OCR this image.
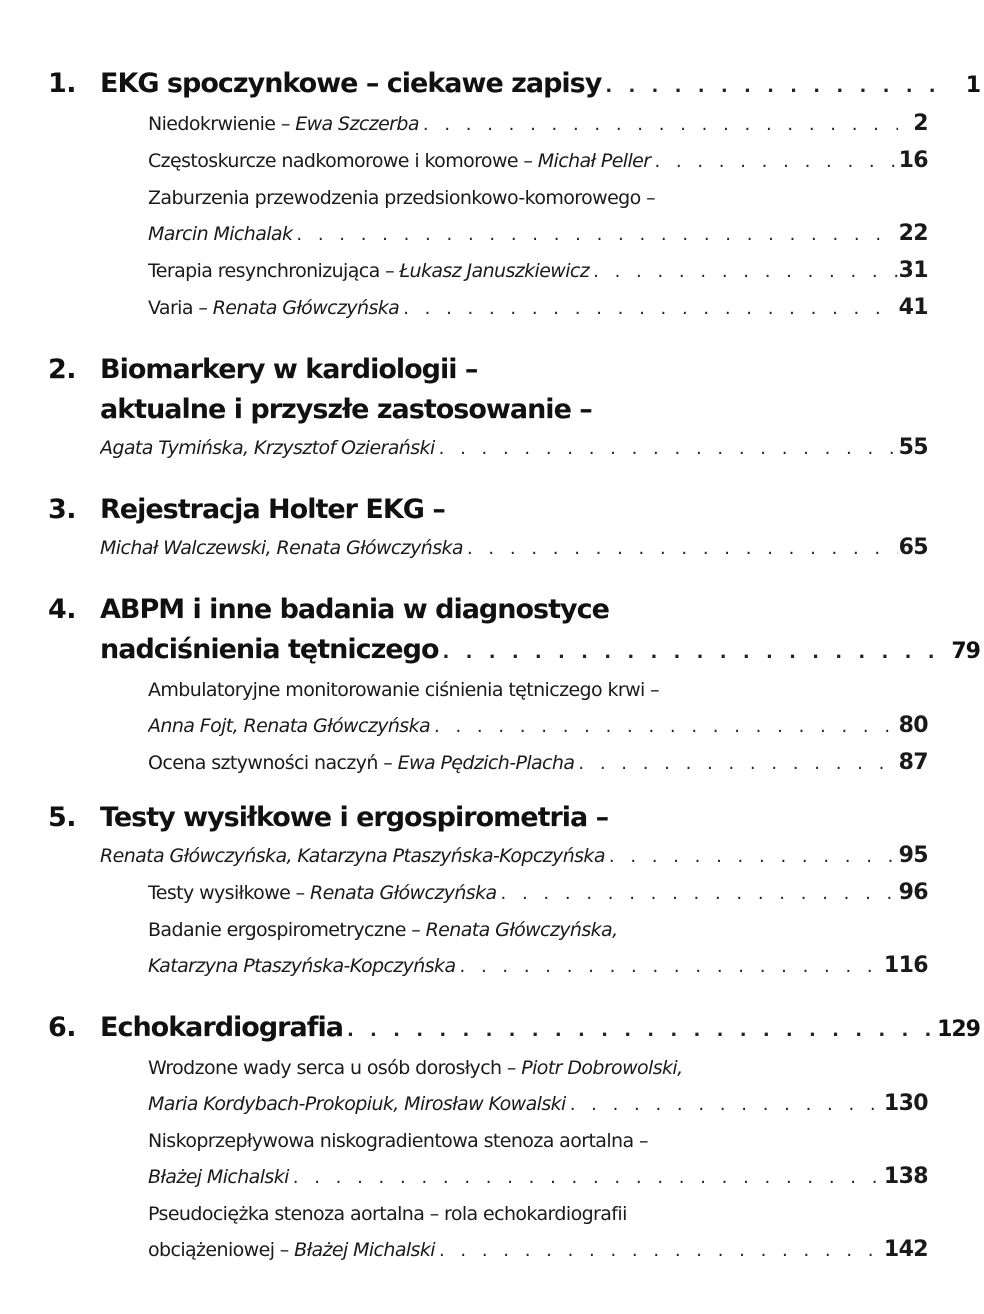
1. EKG spoczynkowe – ciekawe zapisy . . .	1
Niedokrwienie – Ewa Szczerba . . .	2
Częstoskurcze nadkomorowe i komorowe – Michał Peller . . .	16
Zaburzenia przewodzenia przedsionkowo-komorowego –
Marcin Michalak . . .	22
Terapia resynchronizująca – Łukasz Januszkiewicz . . .	31
Varia – Renata Główczyńska . . .	41
2. Biomarkery w kardiologii –
aktualne i przyszłe zastosowanie –
Agata Tymińska, Krzysztof Ozierański . . .	55
3. Rejestracja Holter EKG –
Michał Walczewski, Renata Główczyńska . . .	65
4. ABPM i inne badania w diagnostyce
nadciśnienia tętniczego . . .	79
Ambulatoryjne monitorowanie ciśnienia tętniczego krwi –
Anna Fojt, Renata Główczyńska . . .	80
Ocena sztywności naczyń – Ewa Pędzich-Placha . . .	87
5. Testy wysiłkowe i ergospirometria –
Renata Główczyńska, Katarzyna Ptaszyńska-Kopczyńska . . .	95
Testy wysiłkowe – Renata Główczyńska . . .	96
Badanie ergospirometryczne – Renata Główczyńska,
Katarzyna Ptaszyńska-Kopczyńska . . .	116
6. Echokardiografia . . .	129
Wrodzone wady serca u osób dorosłych – Piotr Dobrowolski,
Maria Kordybach-Prokopiuk, Mirosław Kowalski . . .	130
Niskoprzepływowa niskogradientowa stenoza aortalna –
Błażej Michalski . . .	138
Pseudociężka stenoza aortalna – rola echokardiografii
obciążeniowej – Błażej Michalski . . .	142
